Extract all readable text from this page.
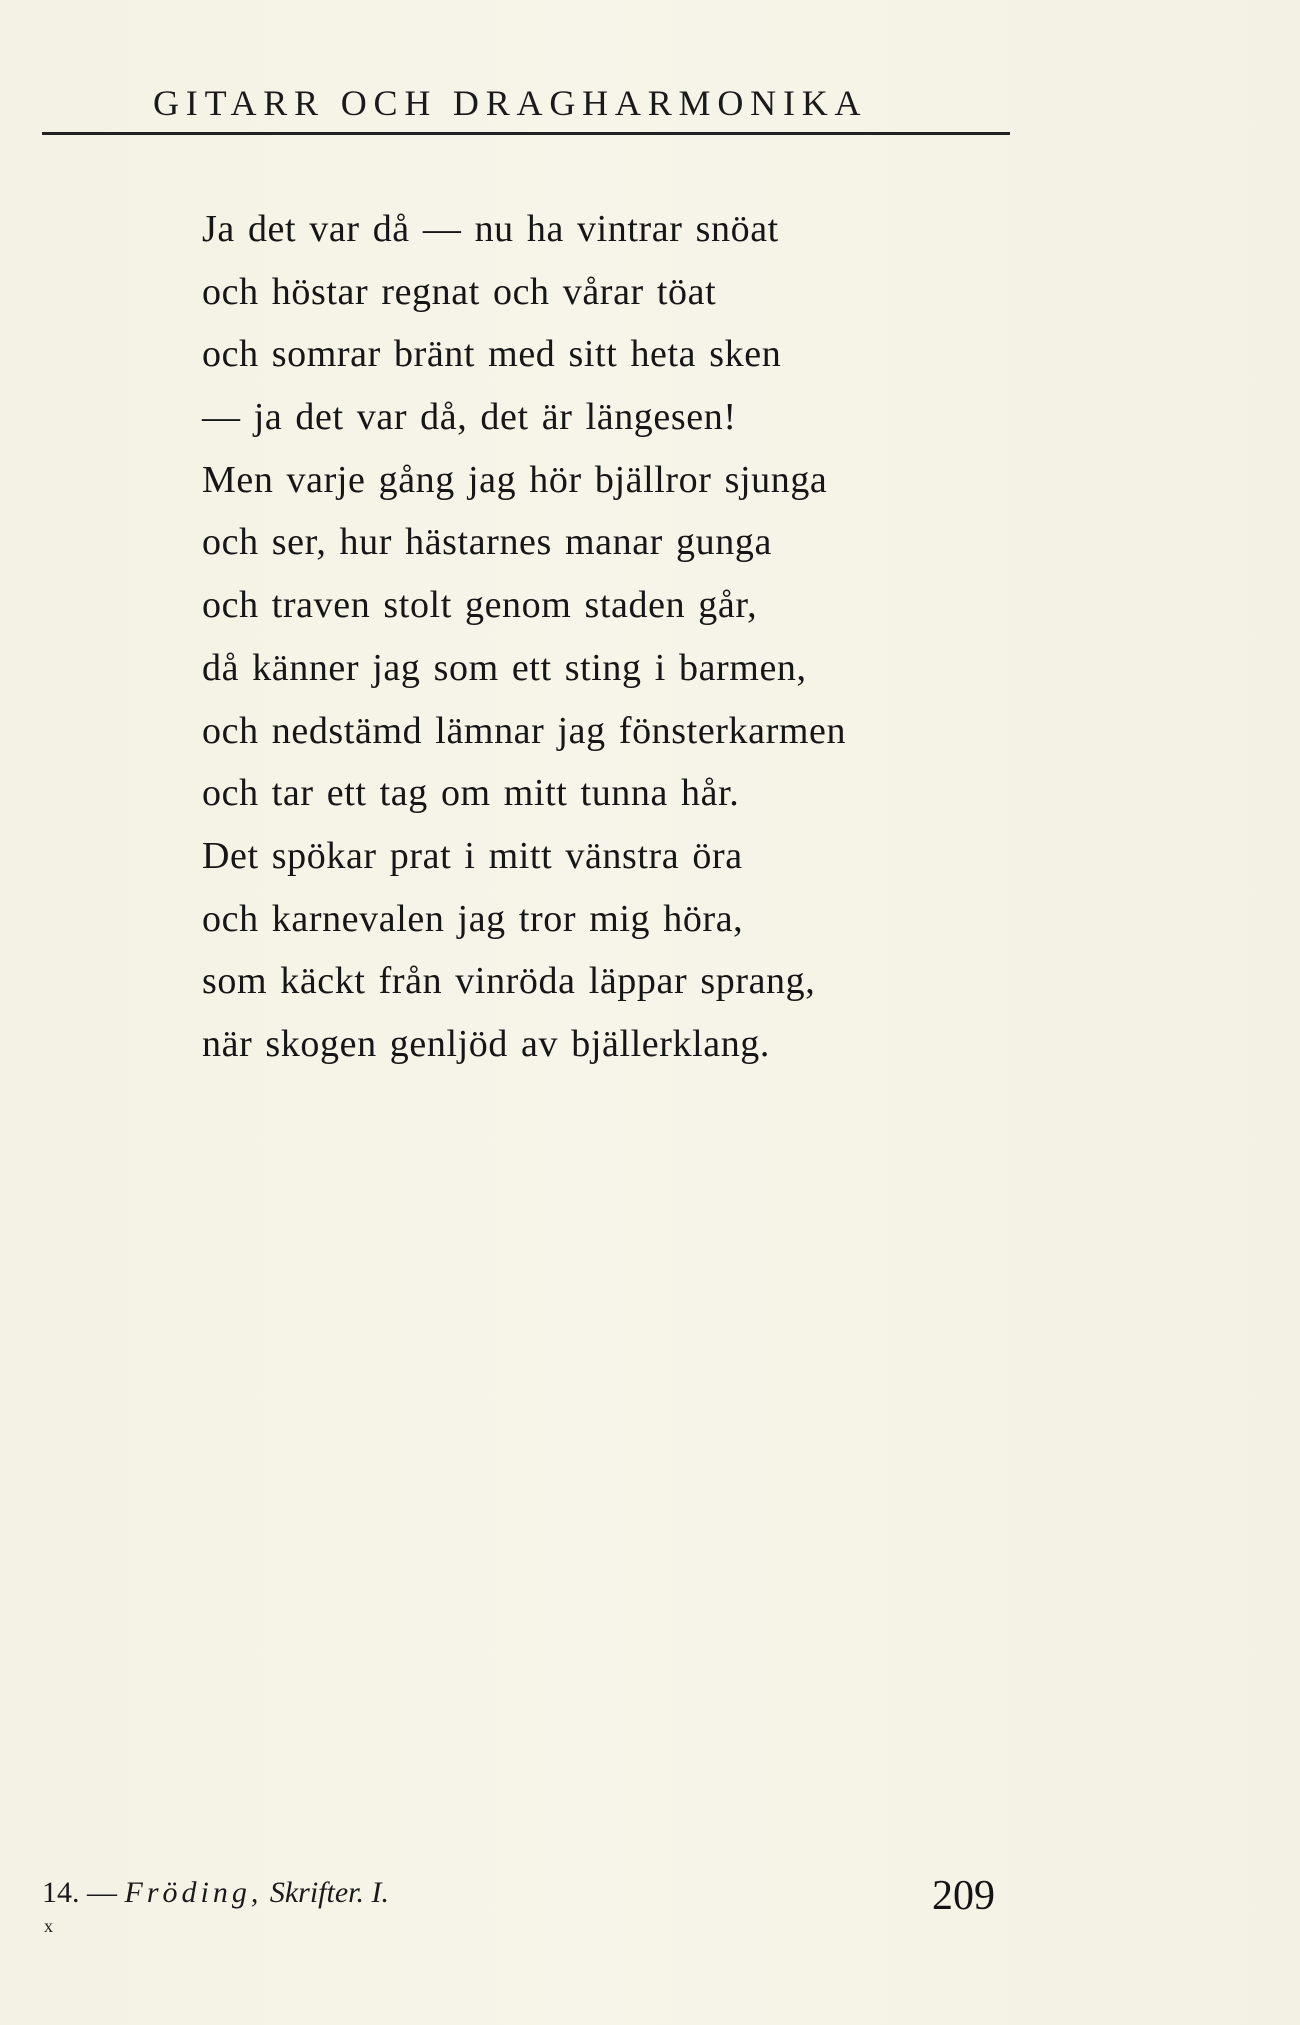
GITARR OCH DRAGHARMONIKA
Ja det var då — nu ha vintrar snöat
och höstar regnat och vårar töat
och somrar bränt med sitt heta sken
— ja det var då, det är längesen!
Men varje gång jag hör bjällror sjunga
och ser, hur hästarnes manar gunga
och traven stolt genom staden går,
då känner jag som ett sting i barmen,
och nedstämd lämnar jag fönsterkarmen
och tar ett tag om mitt tunna hår.
Det spökar prat i mitt vänstra öra
och karnevalen jag tror mig höra,
som käckt från vinröda läppar sprang,
när skogen genljöd av bjällerklang.
14. — Fröding, Skrifter. I.
x
209
